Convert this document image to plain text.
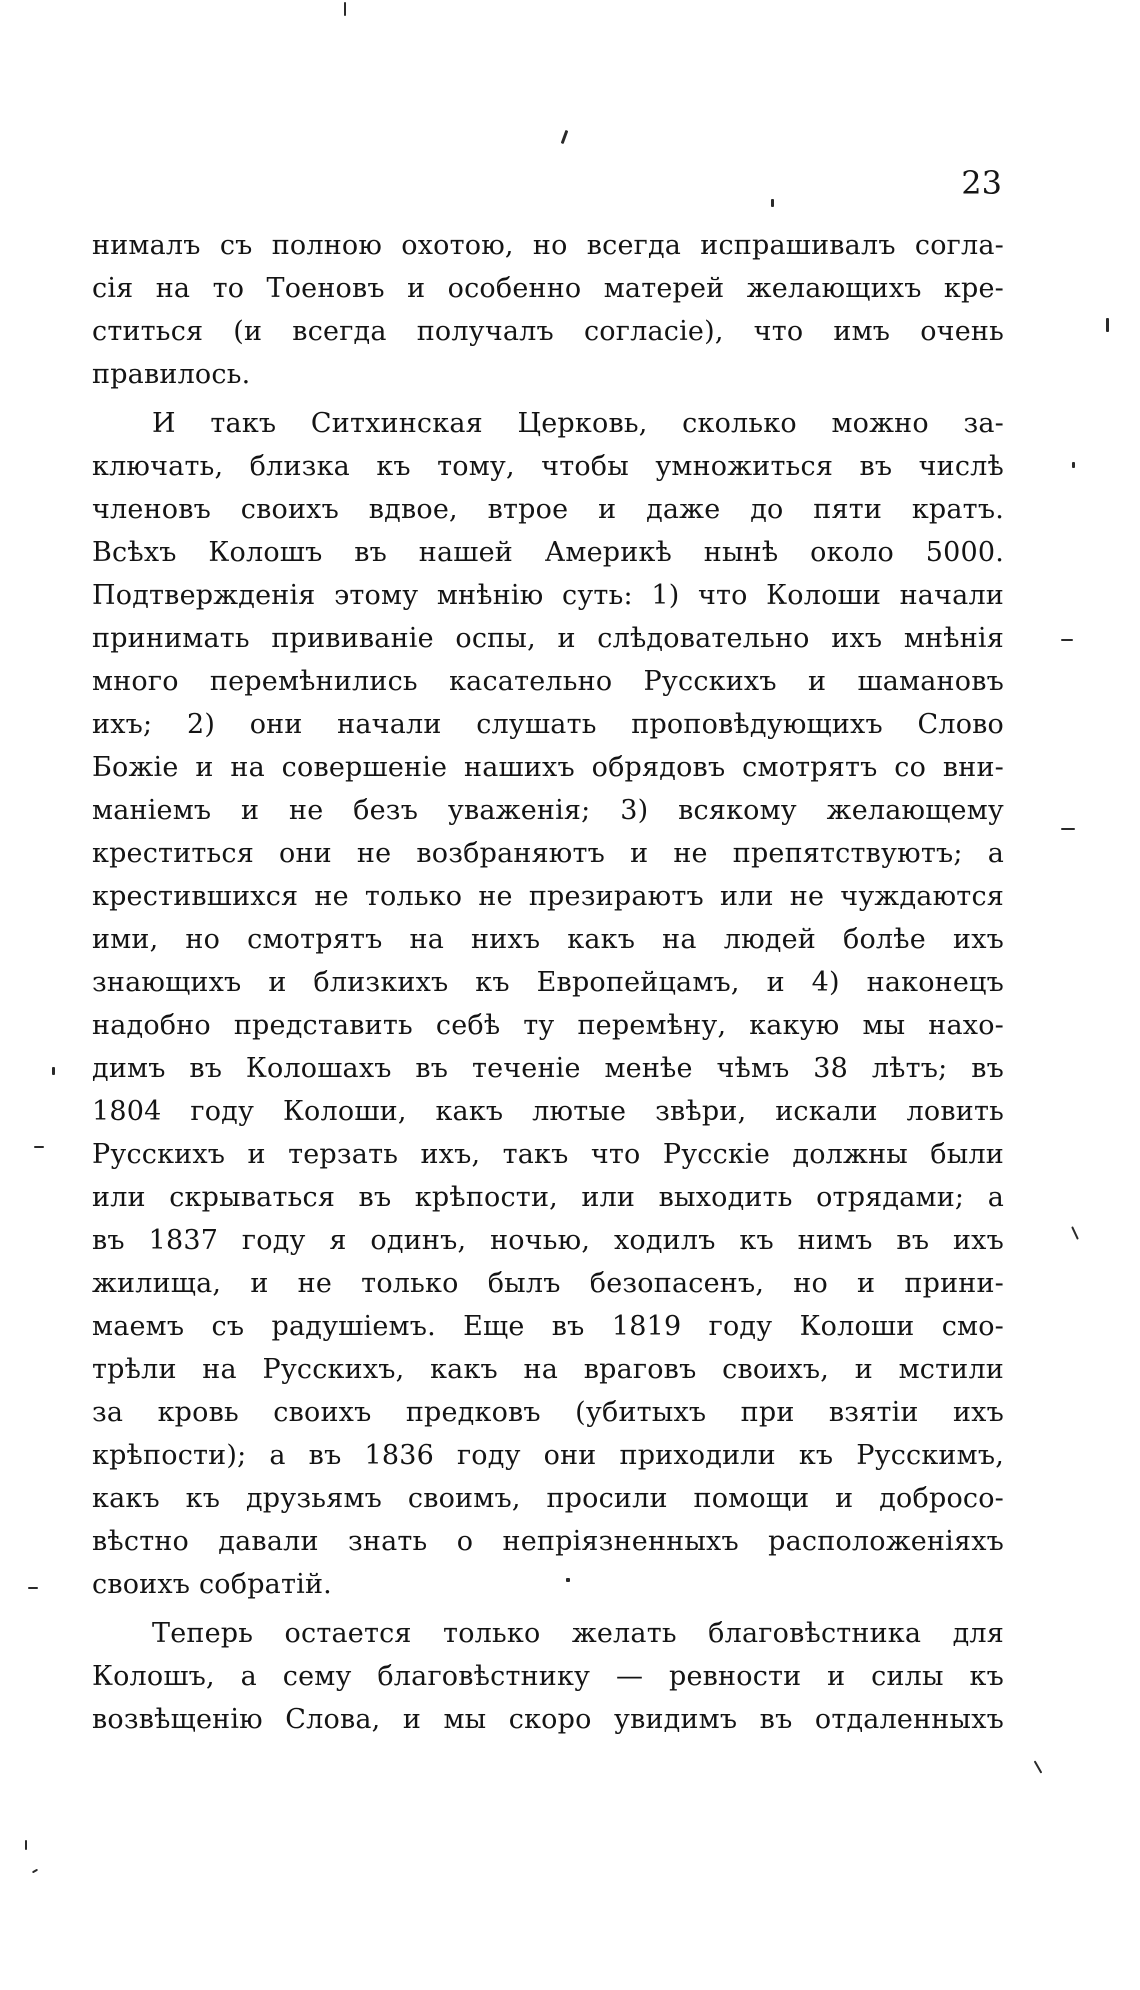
23
нималъ съ полною охотою, но всегда испрашивалъ согла-
сія на то Тоеновъ и особенно матерей желающихъ кре-
ститься (и всегда получалъ согласіе), что имъ очень
правилось.
И такъ Ситхинская Церковь, сколько можно за-
ключать, близка къ тому, чтобы умножиться въ числѣ
членовъ своихъ вдвое, втрое и даже до пяти кратъ.
Всѣхъ Колошъ въ нашей Америкѣ нынѣ около 5000.
Подтвержденія этому мнѣнію суть: 1) что Колоши начали
принимать прививаніе оспы, и слѣдовательно ихъ мнѣнія
много перемѣнились касательно Русскихъ и шамановъ
ихъ; 2) они начали слушать проповѣдующихъ Слово
Божіе и на совершеніе нашихъ обрядовъ смотрятъ со вни-
маніемъ и не безъ уваженія; 3) всякому желающему
креститься они не возбраняютъ и не препятствуютъ; а
крестившихся не только не презираютъ или не чуждаются
ими, но смотрятъ на нихъ какъ на людей болѣе ихъ
знающихъ и близкихъ къ Европейцамъ, и 4) наконецъ
надобно представить себѣ ту перемѣну, какую мы нахо-
димъ въ Колошахъ въ теченіе менѣе чѣмъ 38 лѣтъ; въ
1804 году Колоши, какъ лютые звѣри, искали ловить
Русскихъ и терзать ихъ, такъ что Русскіе должны были
или скрываться въ крѣпости, или выходить отрядами; а
въ 1837 году я одинъ, ночью, ходилъ къ нимъ въ ихъ
жилища, и не только былъ безопасенъ, но и прини-
маемъ съ радушіемъ. Еще въ 1819 году Колоши смо-
трѣли на Русскихъ, какъ на враговъ своихъ, и мстили
за кровь своихъ предковъ (убитыхъ при взятіи ихъ
крѣпости); а въ 1836 году они приходили къ Русскимъ,
какъ къ друзьямъ своимъ, просили помощи и добросо-
вѣстно давали знать о непріязненныхъ расположеніяхъ
своихъ собратій.
Теперь остается только желать благовѣстника для
Колошъ, а сему благовѣстнику — ревности и силы къ
возвѣщенію Слова, и мы скоро увидимъ въ отдаленныхъ
